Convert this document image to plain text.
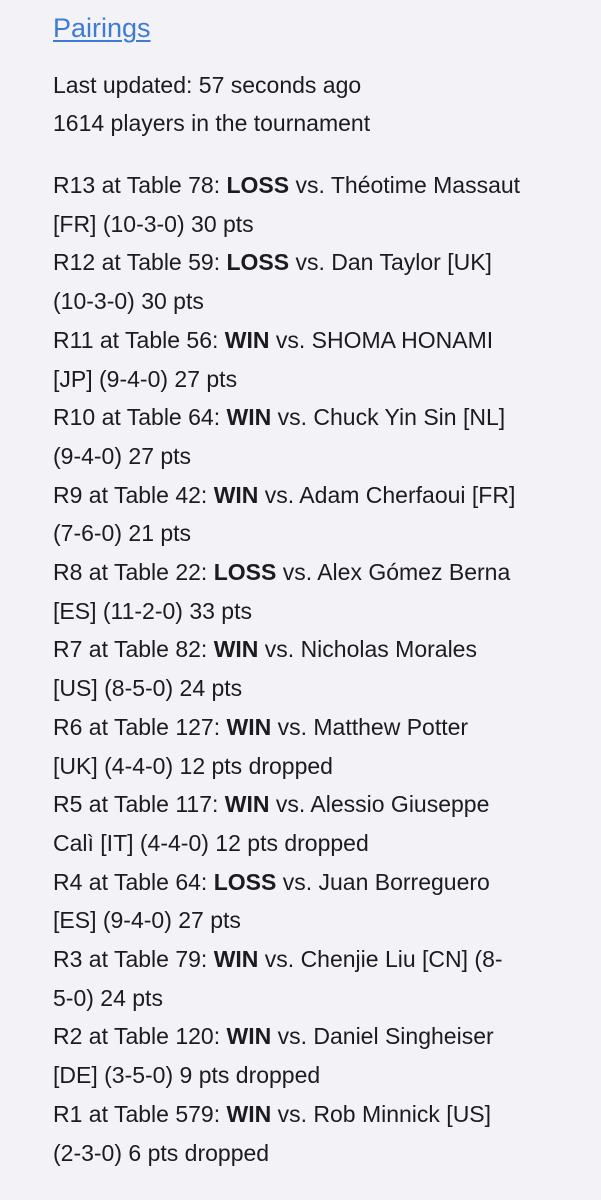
Pairings
Last updated: 57 seconds ago
1614 players in the tournament
R13 at Table 78: LOSS vs. Théotime Massaut
[FR] (10-3-0) 30 pts
R12 at Table 59: LOSS vs. Dan Taylor [UK]
(10-3-0) 30 pts
R11 at Table 56: WIN vs. SHOMA HONAMI
[JP] (9-4-0) 27 pts
R10 at Table 64: WIN vs. Chuck Yin Sin [NL]
(9-4-0) 27 pts
R9 at Table 42: WIN vs. Adam Cherfaoui [FR]
(7-6-0) 21 pts
R8 at Table 22: LOSS vs. Alex Gómez Berna
[ES] (11-2-0) 33 pts
R7 at Table 82: WIN vs. Nicholas Morales
[US] (8-5-0) 24 pts
R6 at Table 127: WIN vs. Matthew Potter
[UK] (4-4-0) 12 pts dropped
R5 at Table 117: WIN vs. Alessio Giuseppe
Calì [IT] (4-4-0) 12 pts dropped
R4 at Table 64: LOSS vs. Juan Borreguero
[ES] (9-4-0) 27 pts
R3 at Table 79: WIN vs. Chenjie Liu [CN] (8-
5-0) 24 pts
R2 at Table 120: WIN vs. Daniel Singheiser
[DE] (3-5-0) 9 pts dropped
R1 at Table 579: WIN vs. Rob Minnick [US]
(2-3-0) 6 pts dropped
